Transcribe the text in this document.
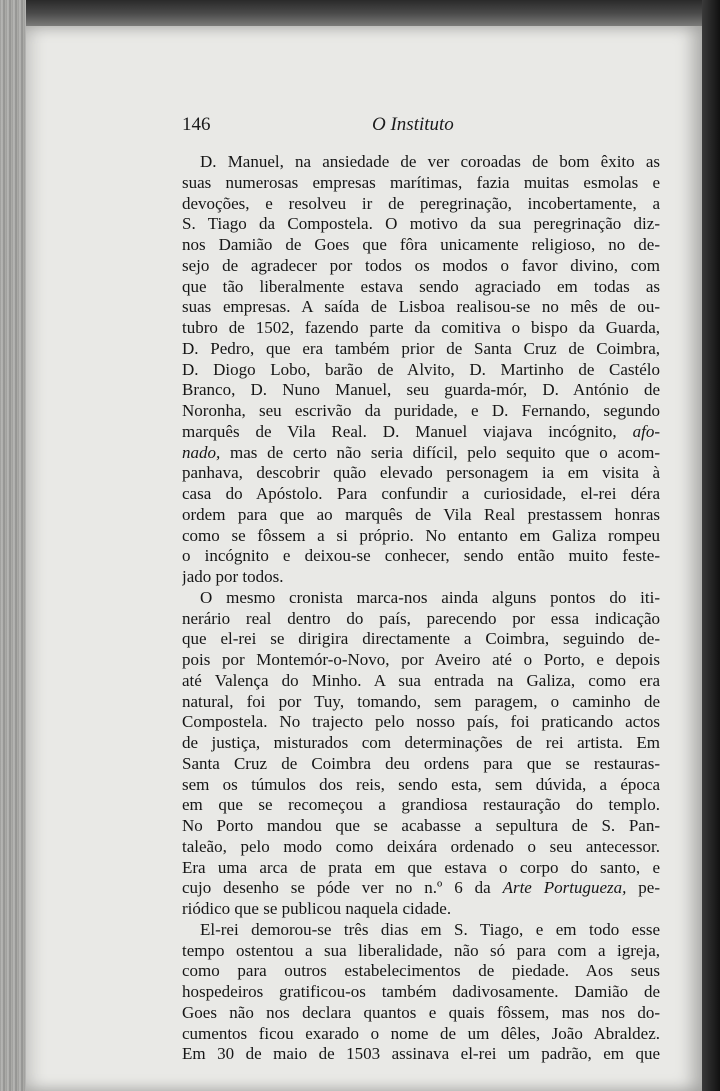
146	O Instituto
D. Manuel, na ansiedade de ver coroadas de bom êxito as
suas numerosas empresas marítimas, fazia muitas esmolas e
devoções, e resolveu ir de peregrinação, incobertamente, a
S. Tiago da Compostela. O motivo da sua peregrinação diz-
nos Damião de Goes que fôra unicamente religioso, no de-
sejo de agradecer por todos os modos o favor divino, com
que tão liberalmente estava sendo agraciado em todas as
suas empresas. A saída de Lisboa realisou-se no mês de ou-
tubro de 1502, fazendo parte da comitiva o bispo da Guarda,
D. Pedro, que era também prior de Santa Cruz de Coimbra,
D. Diogo Lobo, barão de Alvito, D. Martinho de Castélo
Branco, D. Nuno Manuel, seu guarda-mór, D. António de
Noronha, seu escrivão da puridade, e D. Fernando, segundo
marquês de Vila Real. D. Manuel viajava incógnito, afo-
nado, mas de certo não seria difícil, pelo sequito que o acom-
panhava, descobrir quão elevado personagem ia em visita à
casa do Apóstolo. Para confundir a curiosidade, el-rei déra
ordem para que ao marquês de Vila Real prestassem honras
como se fôssem a si próprio. No entanto em Galiza rompeu
o incógnito e deixou-se conhecer, sendo então muito feste-
jado por todos.
O mesmo cronista marca-nos ainda alguns pontos do iti-
nerário real dentro do país, parecendo por essa indicação
que el-rei se dirigira directamente a Coimbra, seguindo de-
pois por Montemór-o-Novo, por Aveiro até o Porto, e depois
até Valença do Minho. A sua entrada na Galiza, como era
natural, foi por Tuy, tomando, sem paragem, o caminho de
Compostela. No trajecto pelo nosso país, foi praticando actos
de justiça, misturados com determinações de rei artista. Em
Santa Cruz de Coimbra deu ordens para que se restauras-
sem os túmulos dos reis, sendo esta, sem dúvida, a época
em que se recomeçou a grandiosa restauração do templo.
No Porto mandou que se acabasse a sepultura de S. Pan-
taleão, pelo modo como deixára ordenado o seu antecessor.
Era uma arca de prata em que estava o corpo do santo, e
cujo desenho se póde ver no n.º 6 da Arte Portugueza, pe-
riódico que se publicou naquela cidade.
El-rei demorou-se três dias em S. Tiago, e em todo esse
tempo ostentou a sua liberalidade, não só para com a igreja,
como para outros estabelecimentos de piedade. Aos seus
hospedeiros gratificou-os também dadivosamente. Damião de
Goes não nos declara quantos e quais fôssem, mas nos do-
cumentos ficou exarado o nome de um dêles, João Abraldez.
Em 30 de maio de 1503 assinava el-rei um padrão, em que
